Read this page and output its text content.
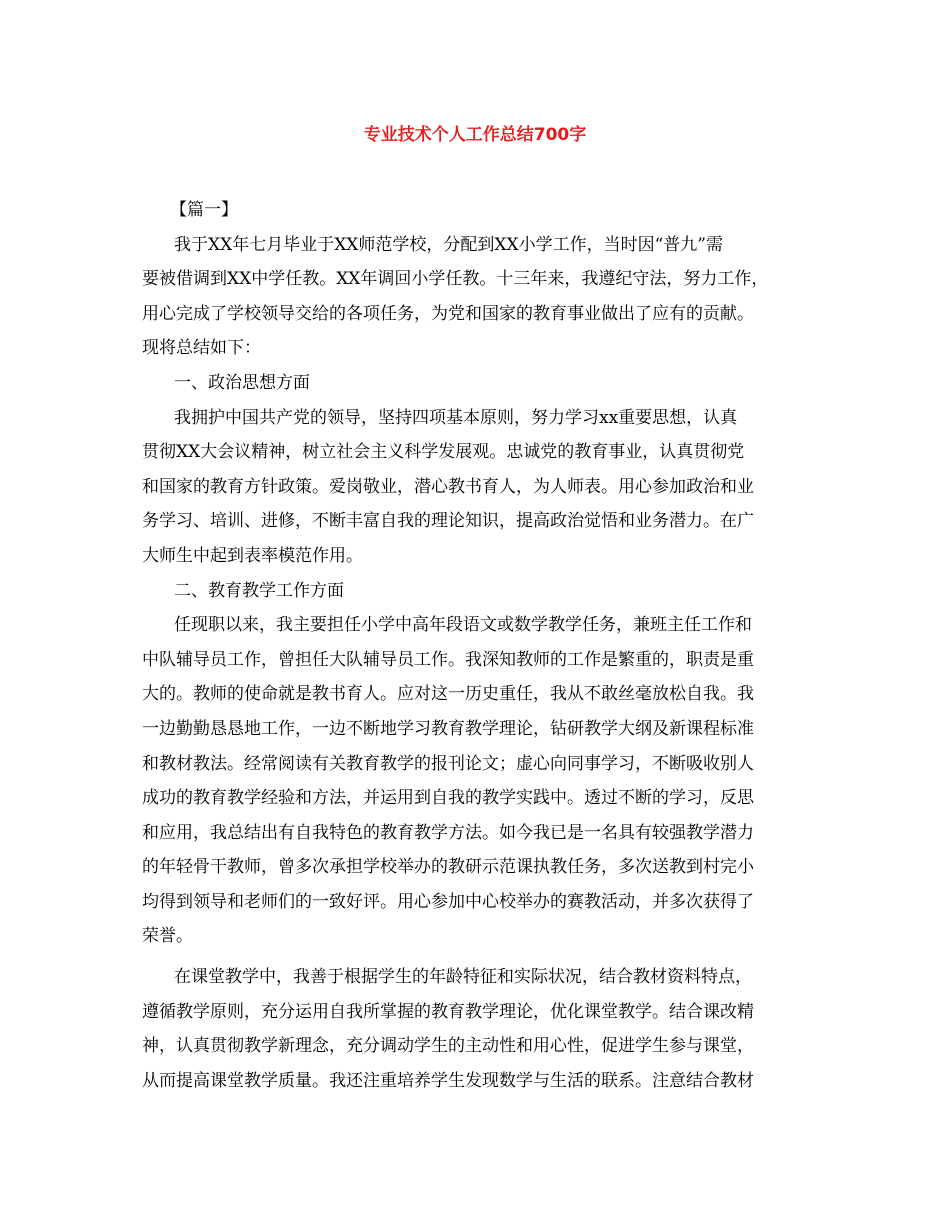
专业技术个人工作总结700字
【篇一】
我于XX年七月毕业于XX师范学校，分配到XX小学工作，当时因“普九”需
要被借调到XX中学任教。XX年调回小学任教。十三年来，我遵纪守法，努力工作，
用心完成了学校领导交给的各项任务，为党和国家的教育事业做出了应有的贡献。
现将总结如下：
一、政治思想方面
我拥护中国共产党的领导，坚持四项基本原则，努力学习xx重要思想，认真
贯彻XX大会议精神，树立社会主义科学发展观。忠诚党的教育事业，认真贯彻党
和国家的教育方针政策。爱岗敬业，潜心教书育人，为人师表。用心参加政治和业
务学习、培训、进修，不断丰富自我的理论知识，提高政治觉悟和业务潜力。在广
大师生中起到表率模范作用。
二、教育教学工作方面
任现职以来，我主要担任小学中高年段语文或数学教学任务，兼班主任工作和
中队辅导员工作，曾担任大队辅导员工作。我深知教师的工作是繁重的，职责是重
大的。教师的使命就是教书育人。应对这一历史重任，我从不敢丝毫放松自我。我
一边勤勤恳恳地工作，一边不断地学习教育教学理论，钻研教学大纲及新课程标准
和教材教法。经常阅读有关教育教学的报刊论文；虚心向同事学习，不断吸收别人
成功的教育教学经验和方法，并运用到自我的教学实践中。透过不断的学习，反思
和应用，我总结出有自我特色的教育教学方法。如今我已是一名具有较强教学潜力
的年轻骨干教师，曾多次承担学校举办的教研示范课执教任务，多次送教到村完小
均得到领导和老师们的一致好评。用心参加中心校举办的赛教活动，并多次获得了
荣誉。
在课堂教学中，我善于根据学生的年龄特征和实际状况，结合教材资料特点，
遵循教学原则，充分运用自我所掌握的教育教学理论，优化课堂教学。结合课改精
神，认真贯彻教学新理念，充分调动学生的主动性和用心性，促进学生参与课堂，
从而提高课堂教学质量。我还注重培养学生发现数学与生活的联系。注意结合教材
